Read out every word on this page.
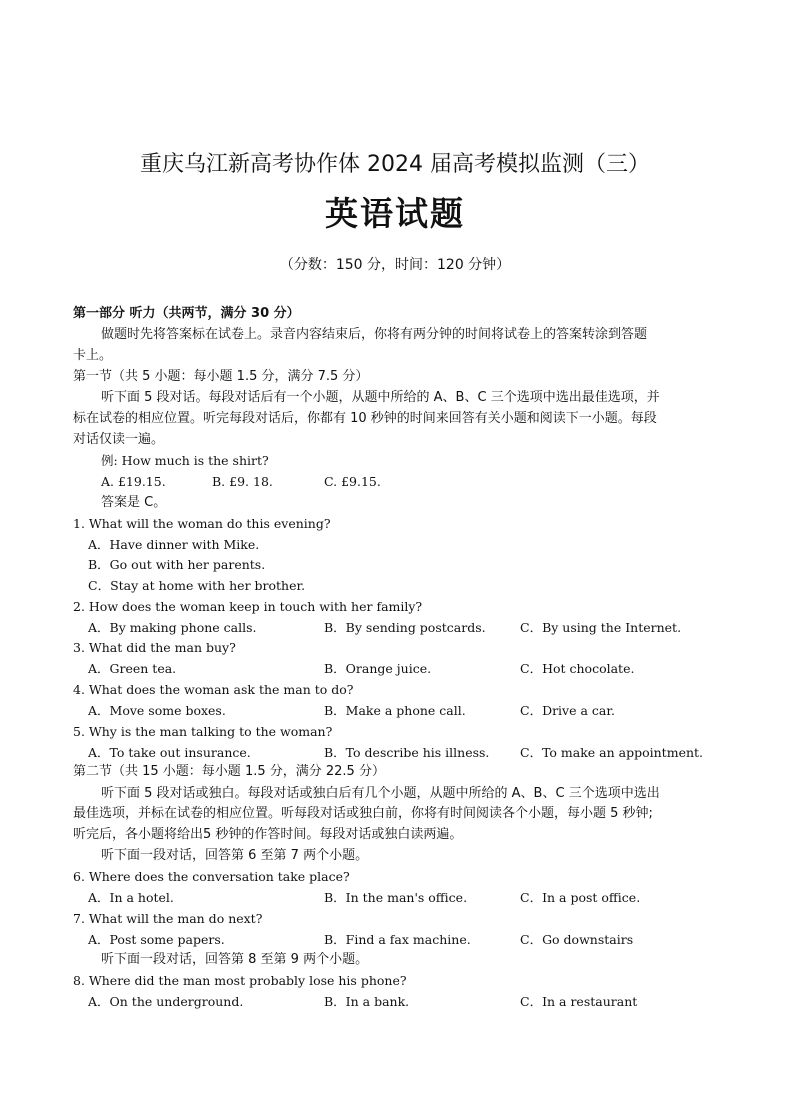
重庆乌江新高考协作体 2024 届高考模拟监测（三）
英语试题
（分数：150 分，时间：120 分钟）
第一部分 听力（共两节，满分 30 分）
做题时先将答案标在试卷上。录音内容结束后，你将有两分钟的时间将试卷上的答案转涂到答题
卡上。
第一节（共 5 小题：每小题 1.5 分，满分 7.5 分）
听下面 5 段对话。每段对话后有一个小题，从题中所给的 A、B、C 三个选项中选出最佳选项，并
标在试卷的相应位置。听完每段对话后，你都有 10 秒钟的时间来回答有关小题和阅读下一小题。每段
对话仅读一遍。
例: How much is the shirt?
A. £19.15.	B. £9. 18.	C. £9.15.
答案是 C。
1. What will the woman do this evening?
A．Have dinner with Mike.
B．Go out with her parents.
C．Stay at home with her brother.
2. How does the woman keep in touch with her family?
A．By making phone calls.	B．By sending postcards.	C．By using the Internet.
3. What did the man buy?
A．Green tea.	B．Orange juice.	C．Hot chocolate.
4. What does the woman ask the man to do?
A．Move some boxes.	B．Make a phone call.	C．Drive a car.
5. Why is the man talking to the woman?
A．To take out insurance.	B．To describe his illness. C．To make an appointment.
第二节（共 15 小题：每小题 1.5 分，满分 22.5 分）
听下面 5 段对话或独白。每段对话或独白后有几个小题，从题中所给的 A、B、C 三个选项中选出
最佳选项，并标在试卷的相应位置。听每段对话或独白前，你将有时间阅读各个小题，每小题 5 秒钟;
听完后，各小题将给出5 秒钟的作答时间。每段对话或独白读两遍。
听下面一段对话，回答第 6 至第 7 两个小题。
6. Where does the conversation take place?
A．In a hotel.	B．In the man's office.	C．In a post office.
7. What will the man do next?
A．Post some papers.	B．Find a fax machine.	C．Go downstairs
听下面一段对话，回答第 8 至第 9 两个小题。
8. Where did the man most probably lose his phone?
A．On the underground.	B．In a bank.	C．In a restaurant
